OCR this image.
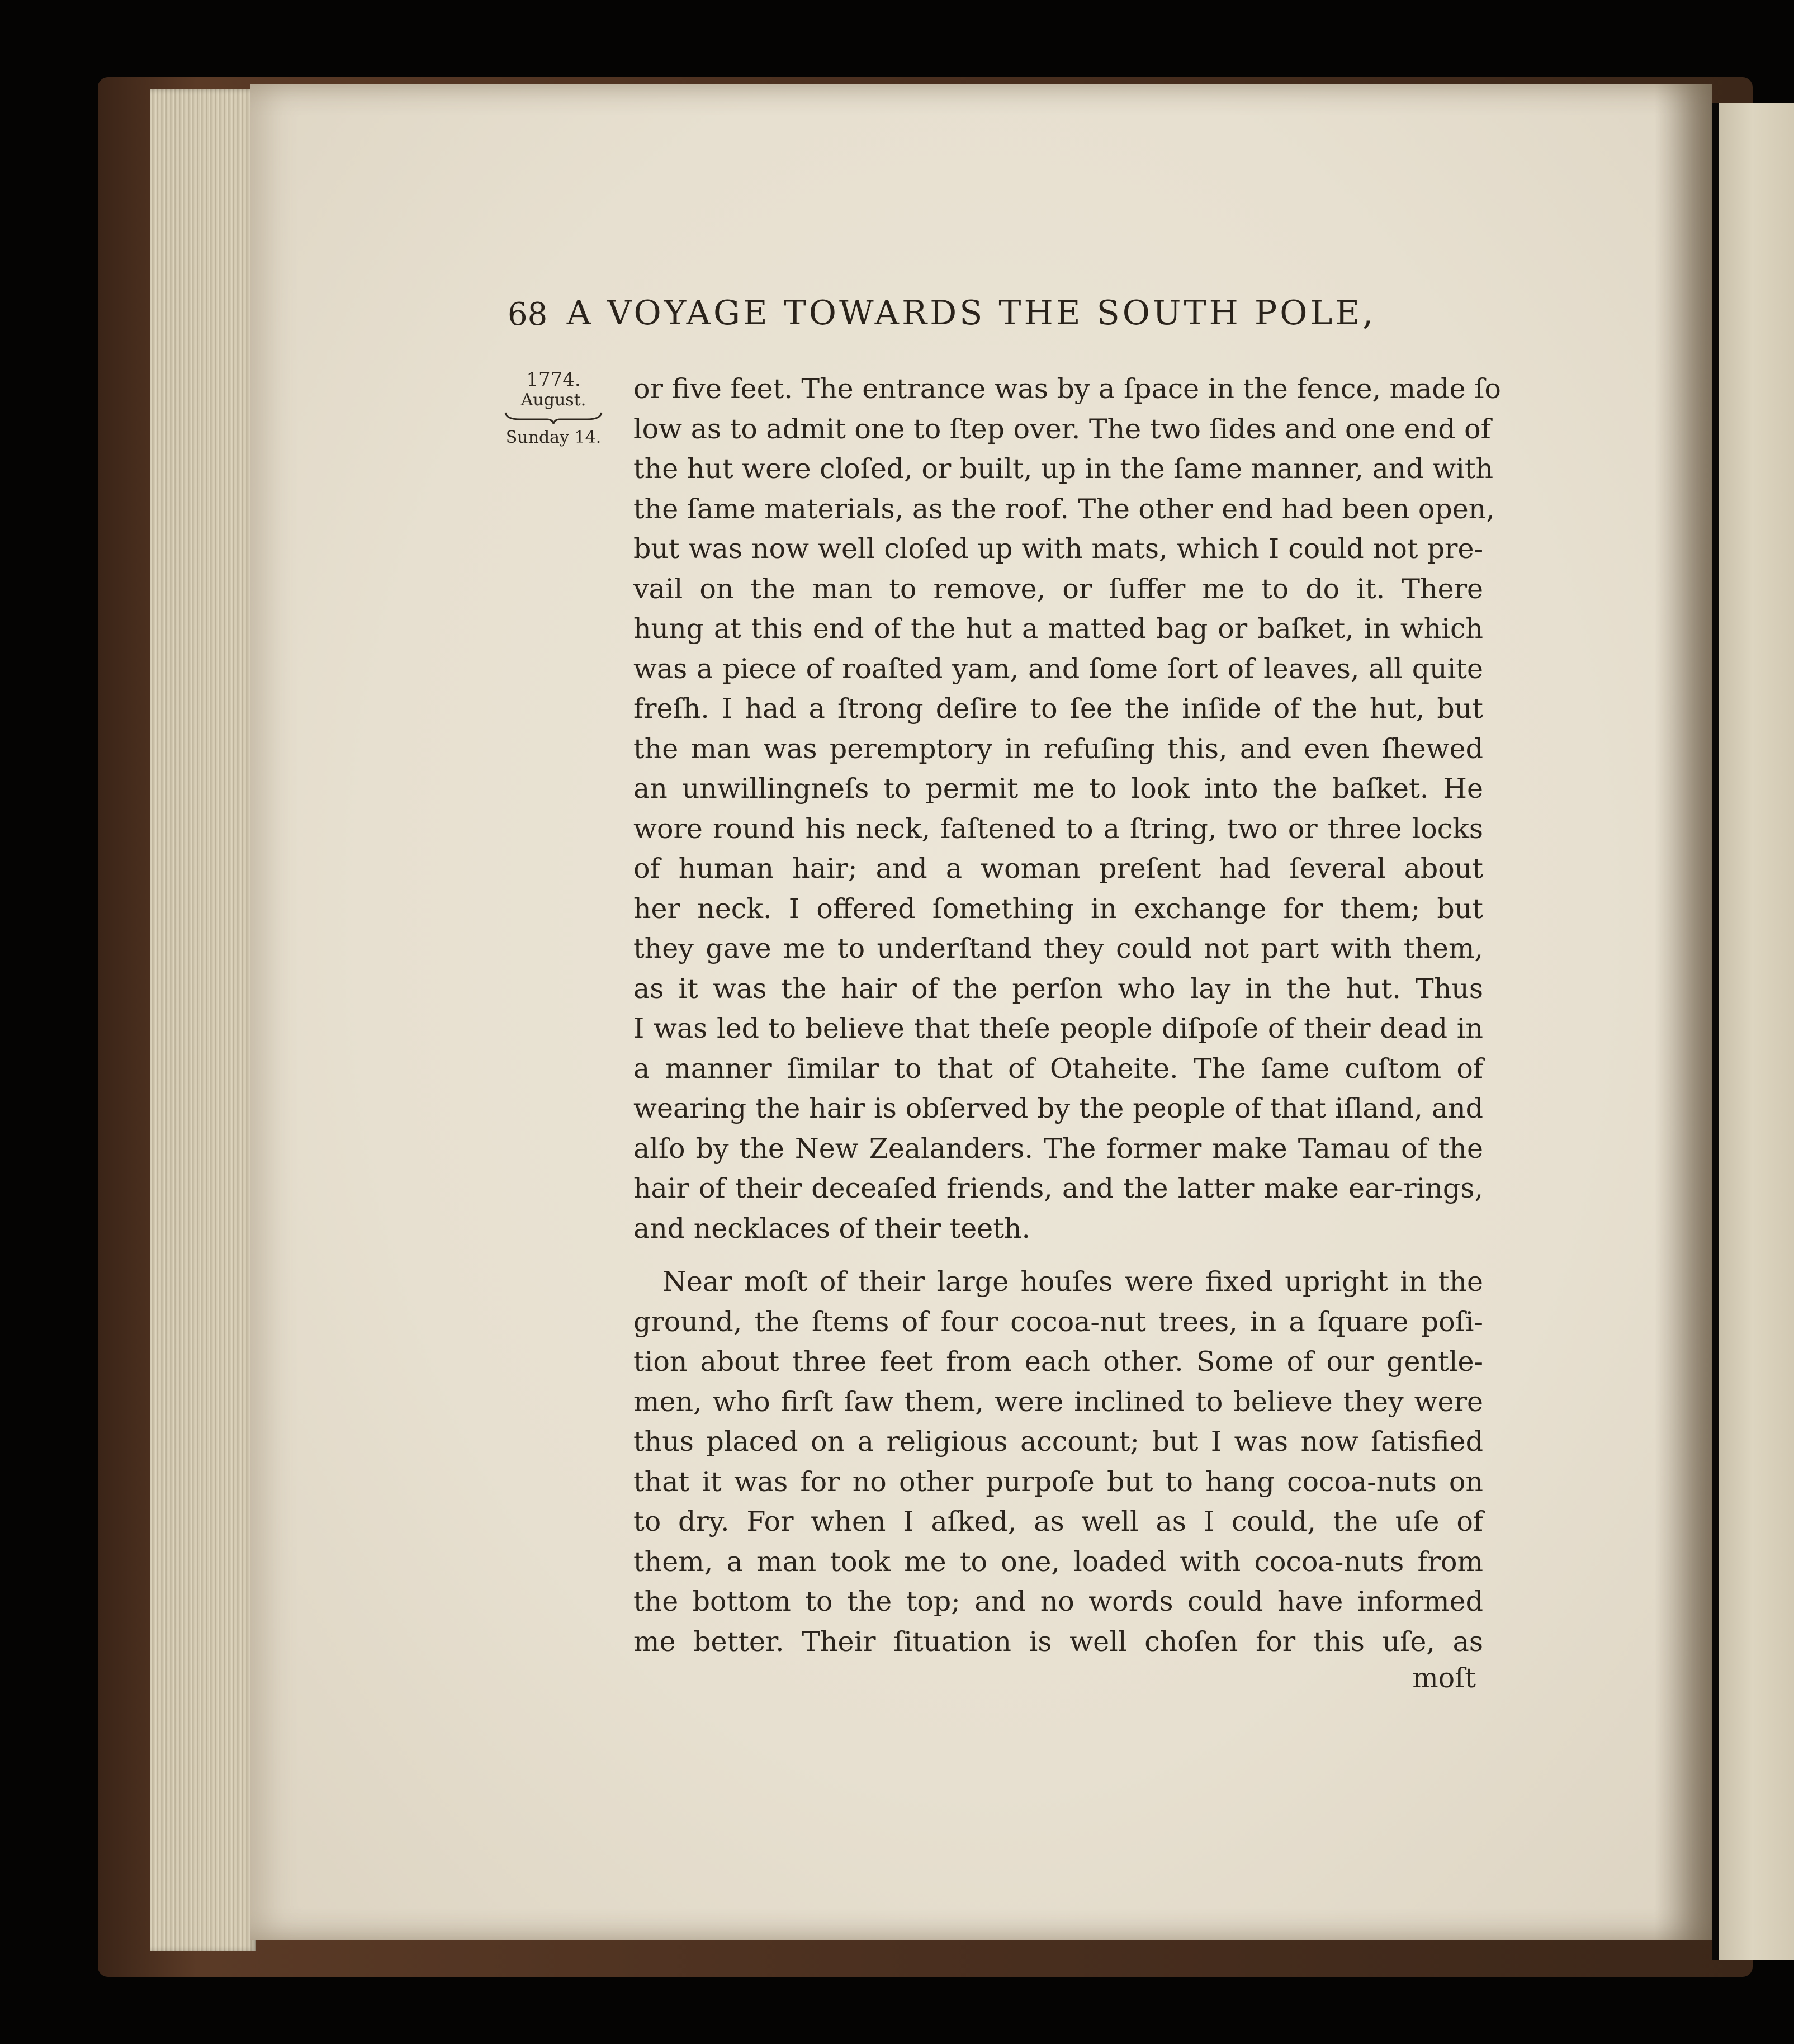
68 A VOYAGE TOWARDS THE SOUTH POLE,
1774.
August.
Sunday 14.

or five feet. The entrance was by a ſpace in the fence, made ſo
low as to admit one to ſtep over. The two ſides and one end of
the hut were cloſed, or built, up in the ſame manner, and with
the ſame materials, as the roof. The other end had been open,
but was now well cloſed up with mats, which I could not pre-
vail on the man to remove, or ſuffer me to do it. There
hung at this end of the hut a matted bag or baſket, in which
was a piece of roaſted yam, and ſome ſort of leaves, all quite
freſh. I had a ſtrong deſire to ſee the inſide of the hut, but
the man was peremptory in refuſing this, and even ſhewed
an unwillingneſs to permit me to look into the baſket. He
wore round his neck, faſtened to a ſtring, two or three locks
of human hair; and a woman preſent had ſeveral about
her neck. I offered ſomething in exchange for them; but
they gave me to underſtand they could not part with them,
as it was the hair of the perſon who lay in the hut. Thus
I was led to believe that theſe people diſpoſe of their dead in
a manner ſimilar to that of Otaheite. The ſame cuſtom of
wearing the hair is obſerved by the people of that iſland, and
alſo by the New Zealanders. The former make Tamau of the
hair of their deceaſed friends, and the latter make ear-rings,
and necklaces of their teeth.

Near moſt of their large houſes were fixed upright in the
ground, the ſtems of four cocoa-nut trees, in a ſquare poſi-
tion about three feet from each other. Some of our gentle-
men, who firſt ſaw them, were inclined to believe they were
thus placed on a religious account; but I was now ſatisfied
that it was for no other purpoſe but to hang cocoa-nuts on
to dry. For when I aſked, as well as I could, the uſe of
them, a man took me to one, loaded with cocoa-nuts from
the bottom to the top; and no words could have informed
me better. Their ſituation is well choſen for this uſe, as

moſt
